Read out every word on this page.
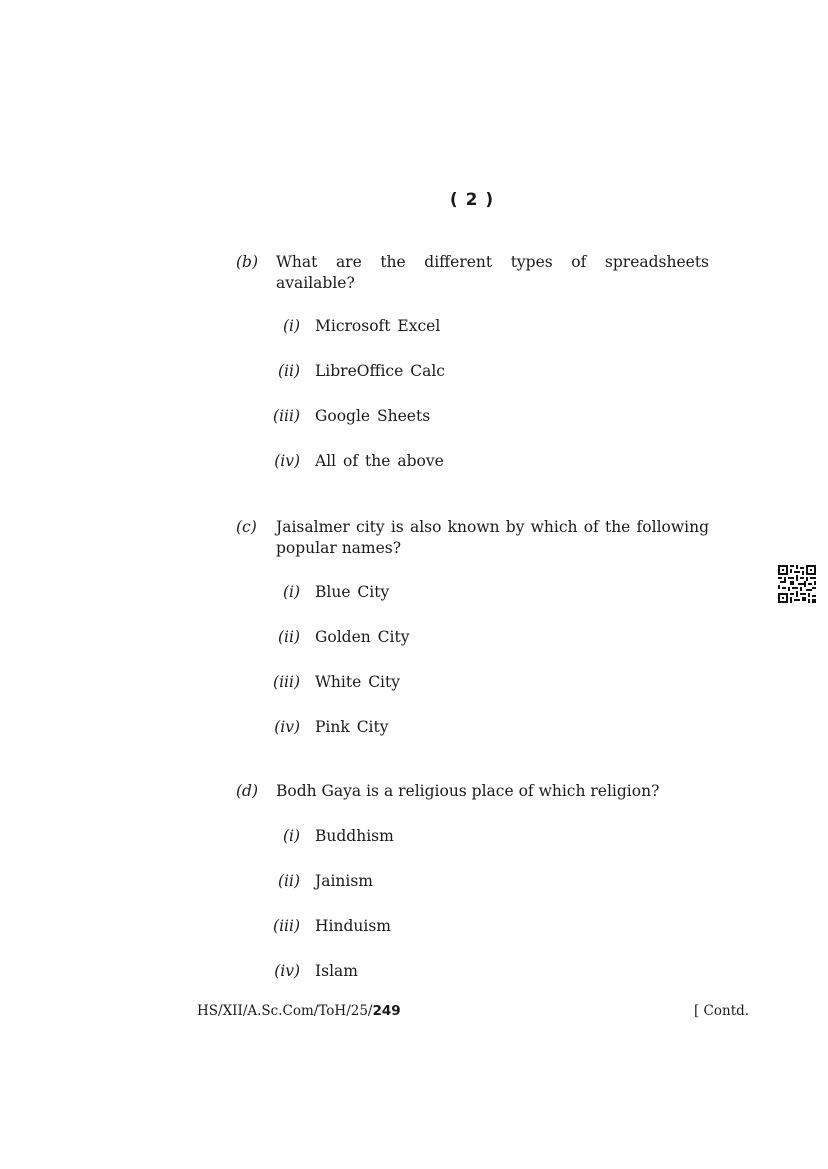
( 2 )
(b) What are the different types of spreadsheets available?
(i) Microsoft Excel
(ii) LibreOffice Calc
(iii) Google Sheets
(iv) All of the above
(c) Jaisalmer city is also known by which of the following popular names?
(i) Blue City
(ii) Golden City
(iii) White City
(iv) Pink City
(d) Bodh Gaya is a religious place of which religion?
(i) Buddhism
(ii) Jainism
(iii) Hinduism
(iv) Islam
HS/XII/A.Sc.Com/ToH/25/249	[ Contd.
